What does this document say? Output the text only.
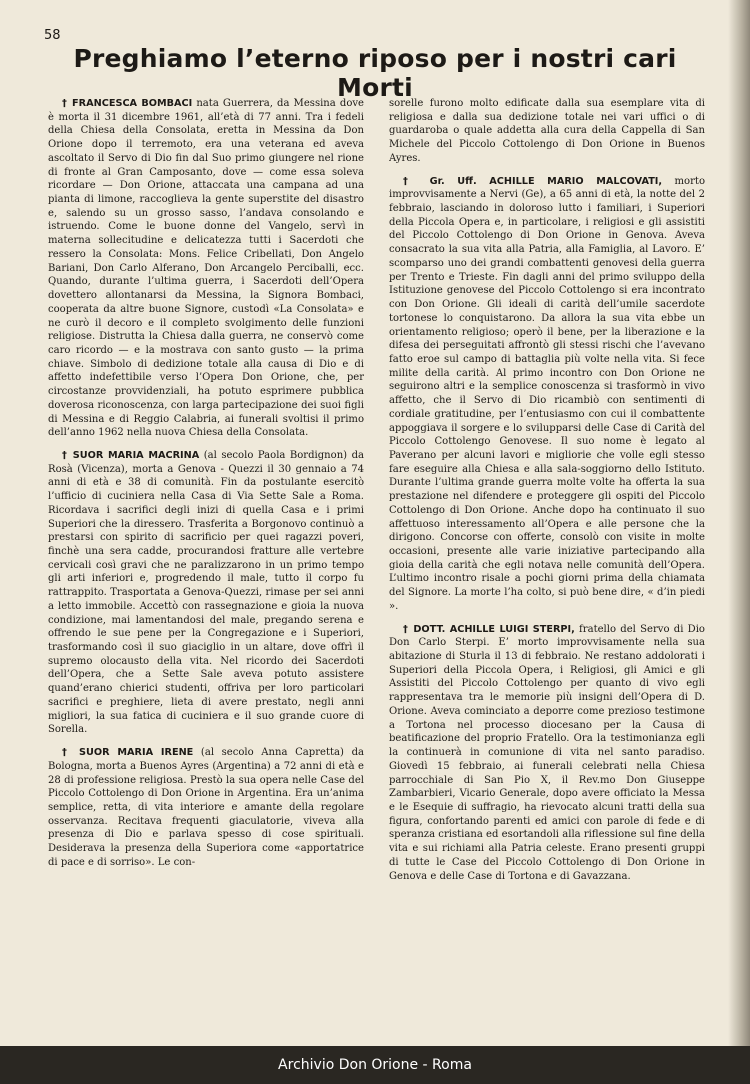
58
Preghiamo l’eterno riposo per i nostri cari Morti

† FRANCESCA BOMBACI nata Guerrera, da Messina dove è morta il 31 dicembre 1961, all’età di 77 anni. Tra i fedeli della Chiesa della Consolata, eretta in Messina da Don Orione dopo il terremoto, era una veterana ed aveva ascoltato il Servo di Dio fin dal Suo primo giungere nel rione di fronte al Gran Camposanto, dove — come essa soleva ricordare — Don Orione, attaccata una campana ad una pianta di limone, raccoglieva la gente superstite del disastro e, salendo su un grosso sasso, l’andava consolando e istruendo. Come le buone donne del Vangelo, servì in materna sollecitudine e delicatezza tutti i Sacerdoti che ressero la Consolata: Mons. Felice Cribellati, Don Angelo Bariani, Don Carlo Alferano, Don Arcangelo Perciballi, ecc. Quando, durante l’ultima guerra, i Sacerdoti dell’Opera dovettero allontanarsi da Messina, la Signora Bombaci, cooperata da altre buone Signore, custodì «La Consolata» e ne curò il decoro e il completo svolgimento delle funzioni religiose. Distrutta la Chiesa dalla guerra, ne conservò come caro ricordo — e la mostrava con santo gusto — la prima chiave. Simbolo di dedizione totale alla causa di Dio e di affetto indefettibile verso l’Opera Don Orione, che, per circostanze provvidenziali, ha potuto esprimere pubblica doverosa riconoscenza, con larga partecipazione dei suoi figli di Messina e di Reggio Calabria, ai funerali svoltisi il primo dell’anno 1962 nella nuova Chiesa della Consolata.

† SUOR MARIA MACRINA (al secolo Paola Bordignon) da Rosà (Vicenza), morta a Genova - Quezzi il 30 gennaio a 74 anni di età e 38 di comunità. Fin da postulante esercitò l’ufficio di cuciniera nella Casa di Via Sette Sale a Roma. Ricordava i sacrifici degli inizi di quella Casa e i primi Superiori che la diressero. Trasferita a Borgonovo continuò a prestarsi con spirito di sacrificio per quei ragazzi poveri, finchè una sera cadde, procurandosi fratture alle vertebre cervicali così gravi che ne paralizzarono in un primo tempo gli arti inferiori e, progredendo il male, tutto il corpo fu rattrappito. Trasportata a Genova-Quezzi, rimase per sei anni a letto immobile. Accettò con rassegnazione e gioia la nuova condizione, mai lamentandosi del male, pregando serena e offrendo le sue pene per la Congregazione e i Superiori, trasformando così il suo giaciglio in un altare, dove offrì il supremo olocausto della vita. Nel ricordo dei Sacerdoti dell’Opera, che a Sette Sale aveva potuto assistere quand’erano chierici studenti, offriva per loro particolari sacrifici e preghiere, lieta di avere prestato, negli anni migliori, la sua fatica di cuciniera e il suo grande cuore di Sorella.

† SUOR MARIA IRENE (al secolo Anna Capretta) da Bologna, morta a Buenos Ayres (Argentina) a 72 anni di età e 28 di professione religiosa. Prestò la sua opera nelle Case del Piccolo Cottolengo di Don Orione in Argentina. Era un’anima semplice, retta, di vita interiore e amante della regolare osservanza. Recitava frequenti giaculatorie, viveva alla presenza di Dio e parlava spesso di cose spirituali. Desiderava la presenza della Superiora come «apportatrice di pace e di sorriso». Le con-

sorelle furono molto edificate dalla sua esemplare vita di religiosa e dalla sua dedizione totale nei vari uffici o di guardaroba o quale addetta alla cura della Cappella di San Michele del Piccolo Cottolengo di Don Orione in Buenos Ayres.

† Gr. Uff. ACHILLE MARIO MALCOVATI, morto improvvisamente a Nervi (Ge), a 65 anni di età, la notte del 2 febbraio, lasciando in doloroso lutto i familiari, i Superiori della Piccola Opera e, in particolare, i religiosi e gli assistiti del Piccolo Cottolengo di Don Orione in Genova. Aveva consacrato la sua vita alla Patria, alla Famiglia, al Lavoro. E’ scomparso uno dei grandi combattenti genovesi della guerra per Trento e Trieste. Fin dagli anni del primo sviluppo della Istituzione genovese del Piccolo Cottolengo si era incontrato con Don Orione. Gli ideali di carità dell’umile sacerdote tortonese lo conquistarono. Da allora la sua vita ebbe un orientamento religioso; operò il bene, per la liberazione e la difesa dei perseguitati affrontò gli stessi rischi che l’avevano fatto eroe sul campo di battaglia più volte nella vita. Si fece milite della carità. Al primo incontro con Don Orione ne seguirono altri e la semplice conoscenza si trasformò in vivo affetto, che il Servo di Dio ricambiò con sentimenti di cordiale gratitudine, per l’entusiasmo con cui il combattente appoggiava il sorgere e lo svilupparsi delle Case di Carità del Piccolo Cottolengo Genovese. Il suo nome è legato al Paverano per alcuni lavori e migliorie che volle egli stesso fare eseguire alla Chiesa e alla sala-soggiorno dello Istituto. Durante l’ultima grande guerra molte volte ha offerta la sua prestazione nel difendere e proteggere gli ospiti del Piccolo Cottolengo di Don Orione. Anche dopo ha continuato il suo affettuoso interessamento all’Opera e alle persone che la dirigono. Concorse con offerte, consolò con visite in molte occasioni, presente alle varie iniziative partecipando alla gioia della carità che egli notava nelle comunità dell’Opera. L’ultimo incontro risale a pochi giorni prima della chiamata del Signore. La morte l’ha colto, si può bene dire, « d’in piedi ».

† DOTT. ACHILLE LUIGI STERPI, fratello del Servo di Dio Don Carlo Sterpi. E’ morto improvvisamente nella sua abitazione di Sturla il 13 di febbraio. Ne restano addolorati i Superiori della Piccola Opera, i Religiosi, gli Amici e gli Assistiti del Piccolo Cottolengo per quanto di vivo egli rappresentava tra le memorie più insigni dell’Opera di D. Orione. Aveva cominciato a deporre come prezioso testimone a Tortona nel processo diocesano per la Causa di beatificazione del proprio Fratello. Ora la testimonianza egli la continuerà in comunione di vita nel santo paradiso. Giovedì 15 febbraio, ai funerali celebrati nella Chiesa parrocchiale di San Pio X, il Rev.mo Don Giuseppe Zambarbieri, Vicario Generale, dopo avere officiato la Messa e le Esequie di suffragio, ha rievocato alcuni tratti della sua figura, confortando parenti ed amici con parole di fede e di speranza cristiana ed esortandoli alla riflessione sul fine della vita e sui richiami alla Patria celeste. Erano presenti gruppi di tutte le Case del Piccolo Cottolengo di Don Orione in Genova e delle Case di Tortona e di Gavazzana.

Archivio Don Orione - Roma
